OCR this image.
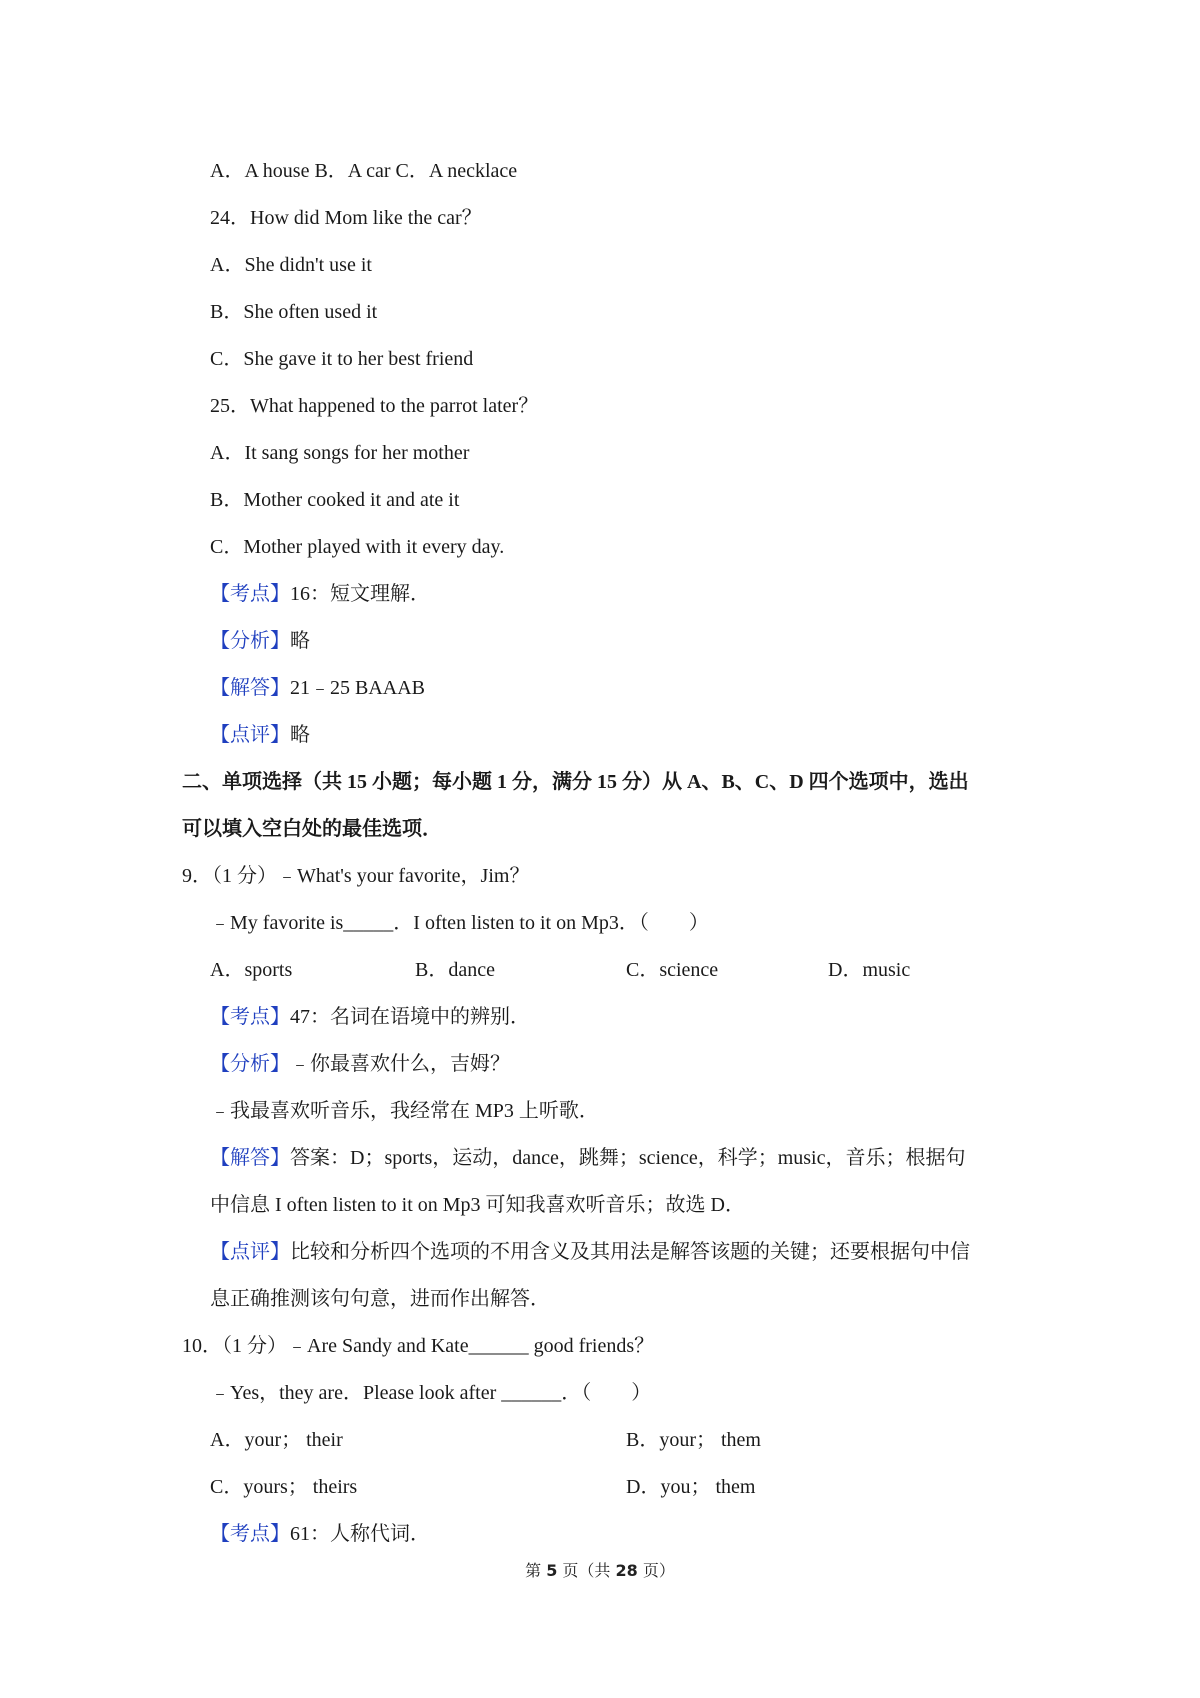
A．A house B．A car C．A necklace
24．How did Mom like the car？
A．She didn't use it
B．She often used it
C．She gave it to her best friend
25．What happened to the parrot later？
A．It sang songs for her mother
B．Mother cooked it and ate it
C．Mother played with it every day.
【考点】16：短文理解．
【分析】略
【解答】21﹣25 BAAAB
【点评】略
二、单项选择（共 15 小题；每小题 1 分，满分 15 分）从 A、B、C、D 四个选项中，选出
可以填入空白处的最佳选项．
9．（1 分）﹣What's your favorite，Jim？
﹣My favorite is_____．I often listen to it on Mp3．（　　）
A．sports	B．dance	C．science	D．music
【考点】47：名词在语境中的辨别．
【分析】﹣你最喜欢什么，吉姆？
﹣我最喜欢听音乐，我经常在 MP3 上听歌．
【解答】答案：D；sports，运动，dance，跳舞；science，科学；music，音乐；根据句
中信息 I often listen to it on Mp3 可知我喜欢听音乐；故选 D．
【点评】比较和分析四个选项的不用含义及其用法是解答该题的关键；还要根据句中信
息正确推测该句句意，进而作出解答．
10．（1 分）﹣Are Sandy and Kate______ good friends？
﹣Yes，they are．Please look after ______．（　　）
A．your； their	B．your； them
C．yours； theirs	D．you； them
【考点】61：人称代词．
第 5 页（共 28 页）
